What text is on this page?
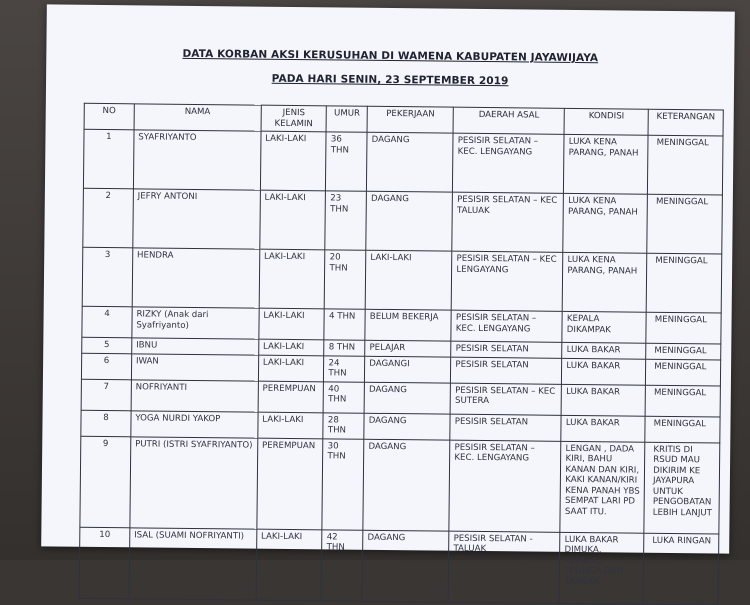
DATA KORBAN AKSI KERUSUHAN DI WAMENA KABUPATEN JAYAWIJAYA
PADA HARI SENIN, 23 SEPTEMBER 2019
NO	NAMA	JENIS KELAMIN	UMUR	PEKERJAAN	DAERAH ASAL	KONDISI	KETERANGAN
1	SYAFRIYANTO	LAKI-LAKI	36 THN	DAGANG	PESISIR SELATAN – KEC. LENGAYANG	LUKA KENA PARANG, PANAH	MENINGGAL
2	JEFRY ANTONI	LAKI-LAKI	23 THN	DAGANG	PESISIR SELATAN – KEC TALUAK	LUKA KENA PARANG, PANAH	MENINGGAL
3	HENDRA	LAKI-LAKI	20 THN	LAKI-LAKI	PESISIR SELATAN – KEC LENGAYANG	LUKA KENA PARANG, PANAH	MENINGGAL
4	RIZKY (Anak dari Syafriyanto)	LAKI-LAKI	4 THN	BELUM BEKERJA	PESISIR SELATAN – KEC. LENGAYANG	KEPALA DIKAMPAK	MENINGGAL
5	IBNU	LAKI-LAKI	8 THN	PELAJAR	PESISIR SELATAN	LUKA BAKAR	MENINGGAL
6	IWAN	LAKI-LAKI	24 THN	DAGANGI	PESISIR SELATAN	LUKA BAKAR	MENINGGAL
7	NOFRIYANTI	PEREMPUAN	40 THN	DAGANG	PESISIR SELATAN – KEC SUTERA	LUKA BAKAR	MENINGGAL
8	YOGA NURDI YAKOP	LAKI-LAKI	28 THN	DAGANG	PESISIR SELATAN	LUKA BAKAR	MENINGGAL
9	PUTRI (ISTRI SYAFRIYANTO)	PEREMPUAN	30 THN	DAGANG	PESISIR SELATAN – KEC. LENGAYANG	LENGAN , DADA KIRI, BAHU KANAN DAN KIRI, KAKI KANAN/KIRI KENA PANAH YBS SEMPAT LARI PD SAAT ITU.	KRITIS DI RSUD MAU DIKIRIM KE JAYAPURA UNTUK PENGOBATAN LEBIH LANJUT
10	ISAL (SUAMI NOFRIYANTI)	LAKI-LAKI	42 THN	DAGANG	PESISIR SELATAN - TALUAK	LUKA BAKAR DIMUKA, KEPALA, TELINGA DAN TANGAN	LUKA RINGAN
